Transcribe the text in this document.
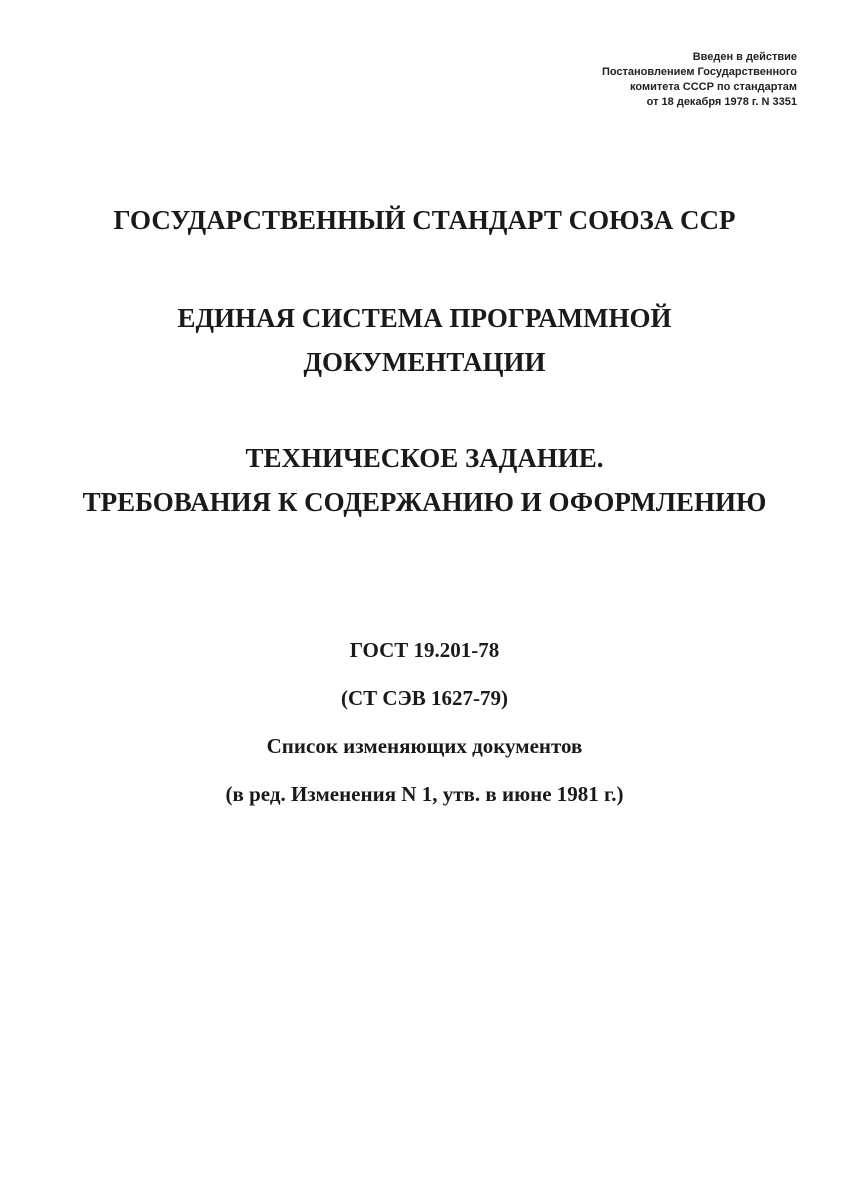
Введен в действие
Постановлением Государственного
комитета СССР по стандартам
от 18 декабря 1978 г. N 3351
ГОСУДАРСТВЕННЫЙ СТАНДАРТ СОЮЗА ССР
ЕДИНАЯ СИСТЕМА ПРОГРАММНОЙ
ДОКУМЕНТАЦИИ
ТЕХНИЧЕСКОЕ ЗАДАНИЕ.
ТРЕБОВАНИЯ К СОДЕРЖАНИЮ И ОФОРМЛЕНИЮ
ГОСТ 19.201-78
(СТ СЭВ 1627-79)
Список изменяющих документов
(в ред. Изменения N 1, утв. в июне 1981 г.)
